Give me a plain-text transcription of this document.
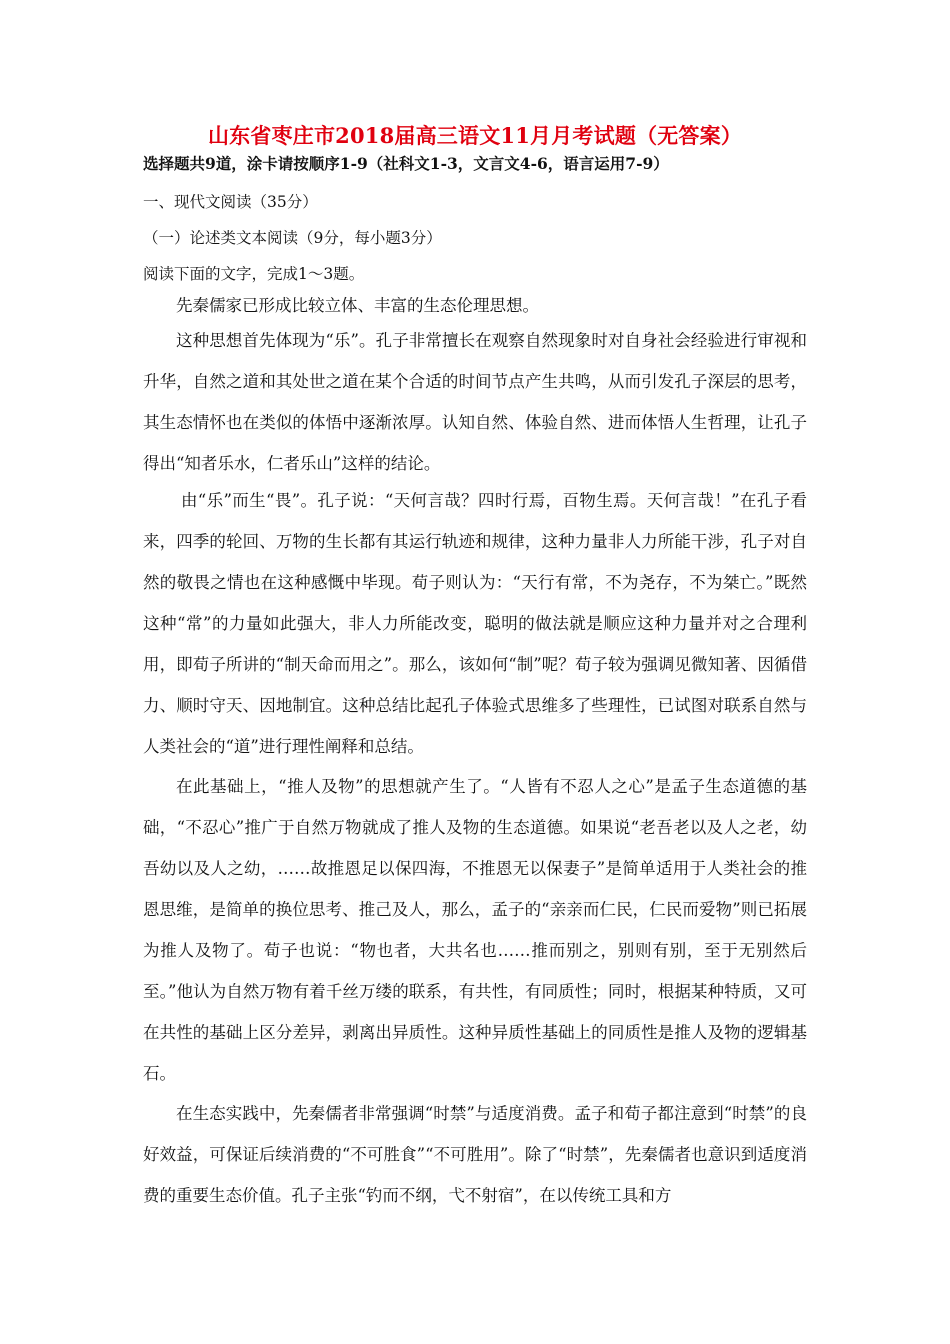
山东省枣庄市2018届高三语文11月月考试题（无答案）
选择题共9道，涂卡请按顺序1-9（社科文1-3，文言文4-6，语言运用7-9）
一、现代文阅读（35分）
（一）论述类文本阅读（9分，每小题3分）
阅读下面的文字，完成1～3题。

先秦儒家已形成比较立体、丰富的生态伦理思想。

这种思想首先体现为“乐”。孔子非常擅长在观察自然现象时对自身社会经验进行审视和升华，自然之道和其处世之道在某个合适的时间节点产生共鸣，从而引发孔子深层的思考，其生态情怀也在类似的体悟中逐渐浓厚。认知自然、体验自然、进而体悟人生哲理，让孔子得出“知者乐水，仁者乐山”这样的结论。

由“乐”而生“畏”。孔子说：“天何言哉？四时行焉，百物生焉。天何言哉！”在孔子看来，四季的轮回、万物的生长都有其运行轨迹和规律，这种力量非人力所能干涉，孔子对自然的敬畏之情也在这种感慨中毕现。荀子则认为：“天行有常，不为尧存，不为桀亡。”既然这种“常”的力量如此强大，非人力所能改变，聪明的做法就是顺应这种力量并对之合理利用，即荀子所讲的“制天命而用之”。那么，该如何“制”呢？荀子较为强调见微知著、因循借力、顺时守天、因地制宜。这种总结比起孔子体验式思维多了些理性，已试图对联系自然与人类社会的“道”进行理性阐释和总结。

在此基础上，“推人及物”的思想就产生了。“人皆有不忍人之心”是孟子生态道德的基础，“不忍心”推广于自然万物就成了推人及物的生态道德。如果说“老吾老以及人之老，幼吾幼以及人之幼，……故推恩足以保四海，不推恩无以保妻子”是简单适用于人类社会的推恩思维，是简单的换位思考、推己及人，那么，孟子的“亲亲而仁民，仁民而爱物”则已拓展为推人及物了。荀子也说：“物也者，大共名也……推而别之，别则有别，至于无别然后至。”他认为自然万物有着千丝万缕的联系，有共性，有同质性；同时，根据某种特质，又可在共性的基础上区分差异，剥离出异质性。这种异质性基础上的同质性是推人及物的逻辑基石。

在生态实践中，先秦儒者非常强调“时禁”与适度消费。孟子和荀子都注意到“时禁”的良好效益，可保证后续消费的“不可胜食”“不可胜用”。除了“时禁”，先秦儒者也意识到适度消费的重要生态价值。孔子主张“钓而不纲，弋不射宿”，在以传统工具和方
